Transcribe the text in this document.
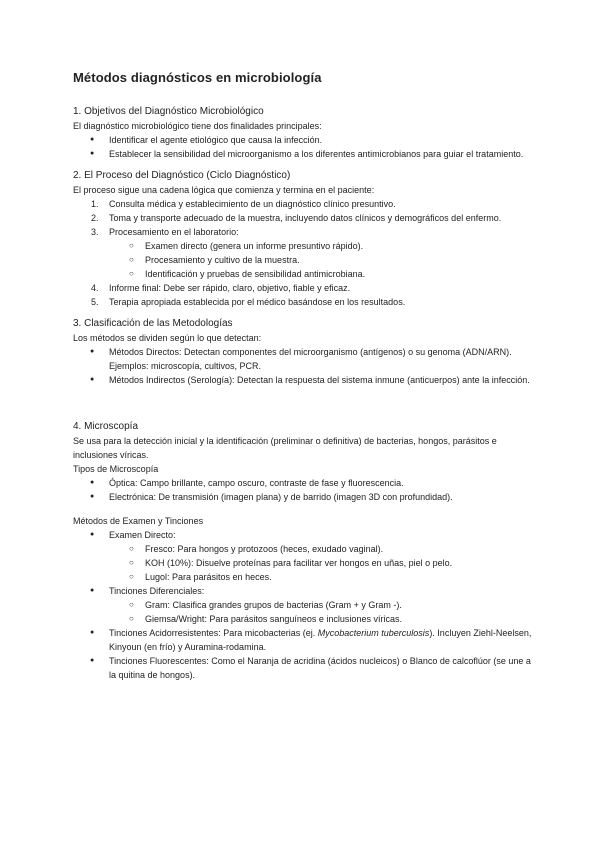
Métodos diagnósticos en microbiología
1. Objetivos del Diagnóstico Microbiológico

El diagnóstico microbiológico tiene dos finalidades principales:

● Identificar el agente etiológico que causa la infección.
● Establecer la sensibilidad del microorganismo a los diferentes antimicrobianos para guiar el tratamiento.
2. El Proceso del Diagnóstico (Ciclo Diagnóstico)

El proceso sigue una cadena lógica que comienza y termina en el paciente:

1. Consulta médica y establecimiento de un diagnóstico clínico presuntivo.
2. Toma y transporte adecuado de la muestra, incluyendo datos clínicos y demográficos del enfermo.
3. Procesamiento en el laboratorio:
○ Examen directo (genera un informe presuntivo rápido).
○ Procesamiento y cultivo de la muestra.
○ Identificación y pruebas de sensibilidad antimicrobiana.
4. Informe final: Debe ser rápido, claro, objetivo, fiable y eficaz.
5. Terapia apropiada establecida por el médico basándose en los resultados.
3. Clasificación de las Metodologías

Los métodos se dividen según lo que detectan:

● Métodos Directos: Detectan componentes del microorganismo (antígenos) o su genoma (ADN/ARN). Ejemplos: microscopía, cultivos, PCR.
● Métodos Indirectos (Serología): Detectan la respuesta del sistema inmune (anticuerpos) ante la infección.
4. Microscopía

Se usa para la detección inicial y la identificación (preliminar o definitiva) de bacterias, hongos, parásitos e inclusiones víricas.

Tipos de Microscopía

● Óptica: Campo brillante, campo oscuro, contraste de fase y fluorescencia.
● Electrónica: De transmisión (imagen plana) y de barrido (imagen 3D con profundidad).

Métodos de Examen y Tinciones

● Examen Directo:
○ Fresco: Para hongos y protozoos (heces, exudado vaginal).
○ KOH (10%): Disuelve proteínas para facilitar ver hongos en uñas, piel o pelo.
○ Lugol: Para parásitos en heces.
● Tinciones Diferenciales:
○ Gram: Clasifica grandes grupos de bacterias (Gram + y Gram -).
○ Giemsa/Wright: Para parásitos sanguíneos e inclusiones víricas.
● Tinciones Acidorresistentes: Para micobacterias (ej. Mycobacterium tuberculosis). Incluyen Ziehl-Neelsen, Kinyoun (en frío) y Auramina-rodamina.
● Tinciones Fluorescentes: Como el Naranja de acridina (ácidos nucleicos) o Blanco de calcoflúor (se une a la quitina de hongos).
